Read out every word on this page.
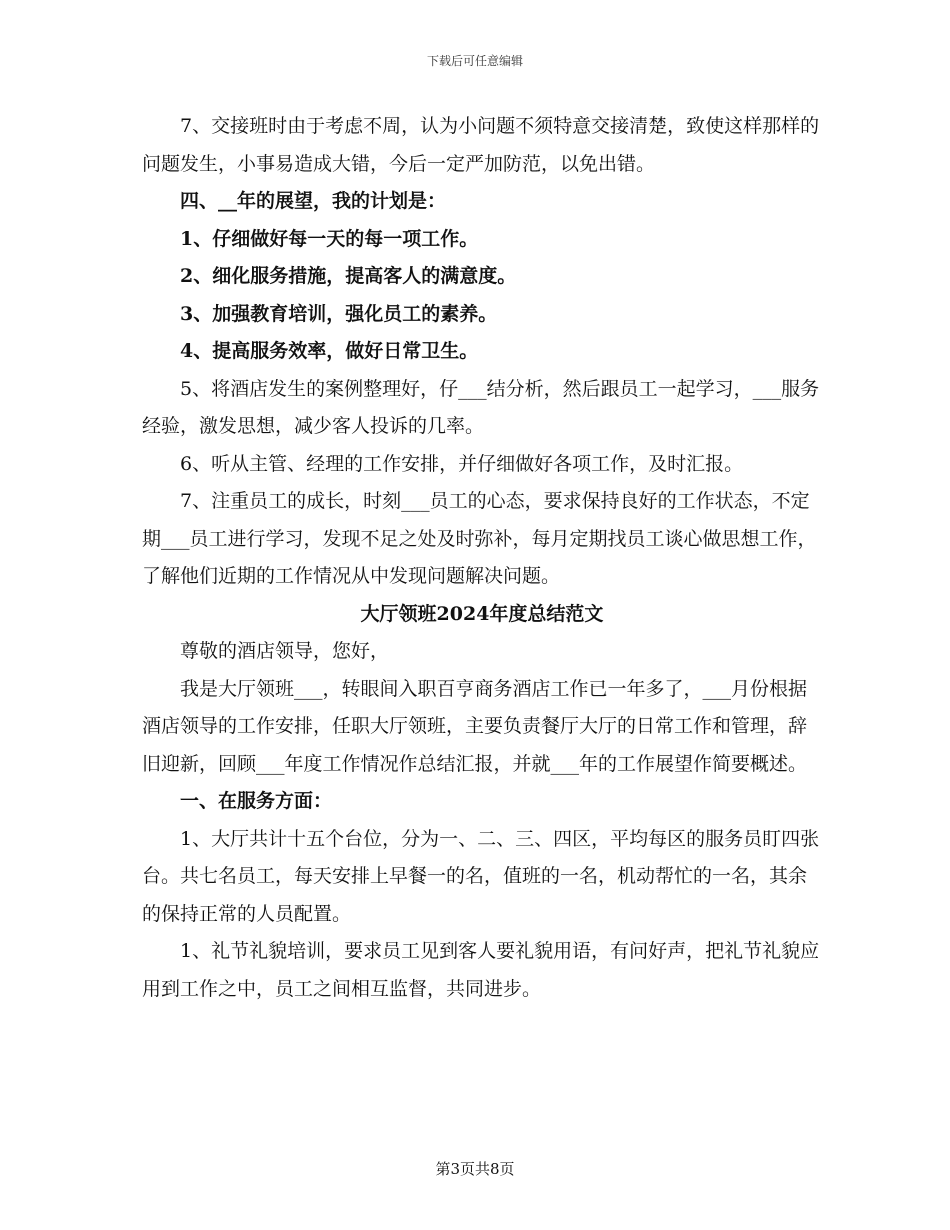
下载后可任意编辑

7、交接班时由于考虑不周，认为小问题不须特意交接清楚，致使这样那样的问题发生，小事易造成大错，今后一定严加防范，以免出错。

四、__年的展望，我的计划是：

1、仔细做好每一天的每一项工作。

2、细化服务措施，提高客人的满意度。

3、加强教育培训，强化员工的素养。

4、提高服务效率，做好日常卫生。

5、将酒店发生的案例整理好，仔___结分析，然后跟员工一起学习，___服务经验，激发思想，减少客人投诉的几率。

6、听从主管、经理的工作安排，并仔细做好各项工作，及时汇报。

7、注重员工的成长，时刻___员工的心态，要求保持良好的工作状态，不定期___员工进行学习，发现不足之处及时弥补，每月定期找员工谈心做思想工作，了解他们近期的工作情况从中发现问题解决问题。

大厅领班2024年度总结范文

尊敬的酒店领导，您好，

我是大厅领班___，转眼间入职百亨商务酒店工作已一年多了，___月份根据酒店领导的工作安排，任职大厅领班，主要负责餐厅大厅的日常工作和管理，辞旧迎新，回顾___年度工作情况作总结汇报，并就___年的工作展望作简要概述。

一、在服务方面：

1、大厅共计十五个台位，分为一、二、三、四区，平均每区的服务员盯四张台。共七名员工，每天安排上早餐一的名，值班的一名，机动帮忙的一名，其余的保持正常的人员配置。

1、礼节礼貌培训，要求员工见到客人要礼貌用语，有问好声，把礼节礼貌应用到工作之中，员工之间相互监督，共同进步。

第3页共8页
